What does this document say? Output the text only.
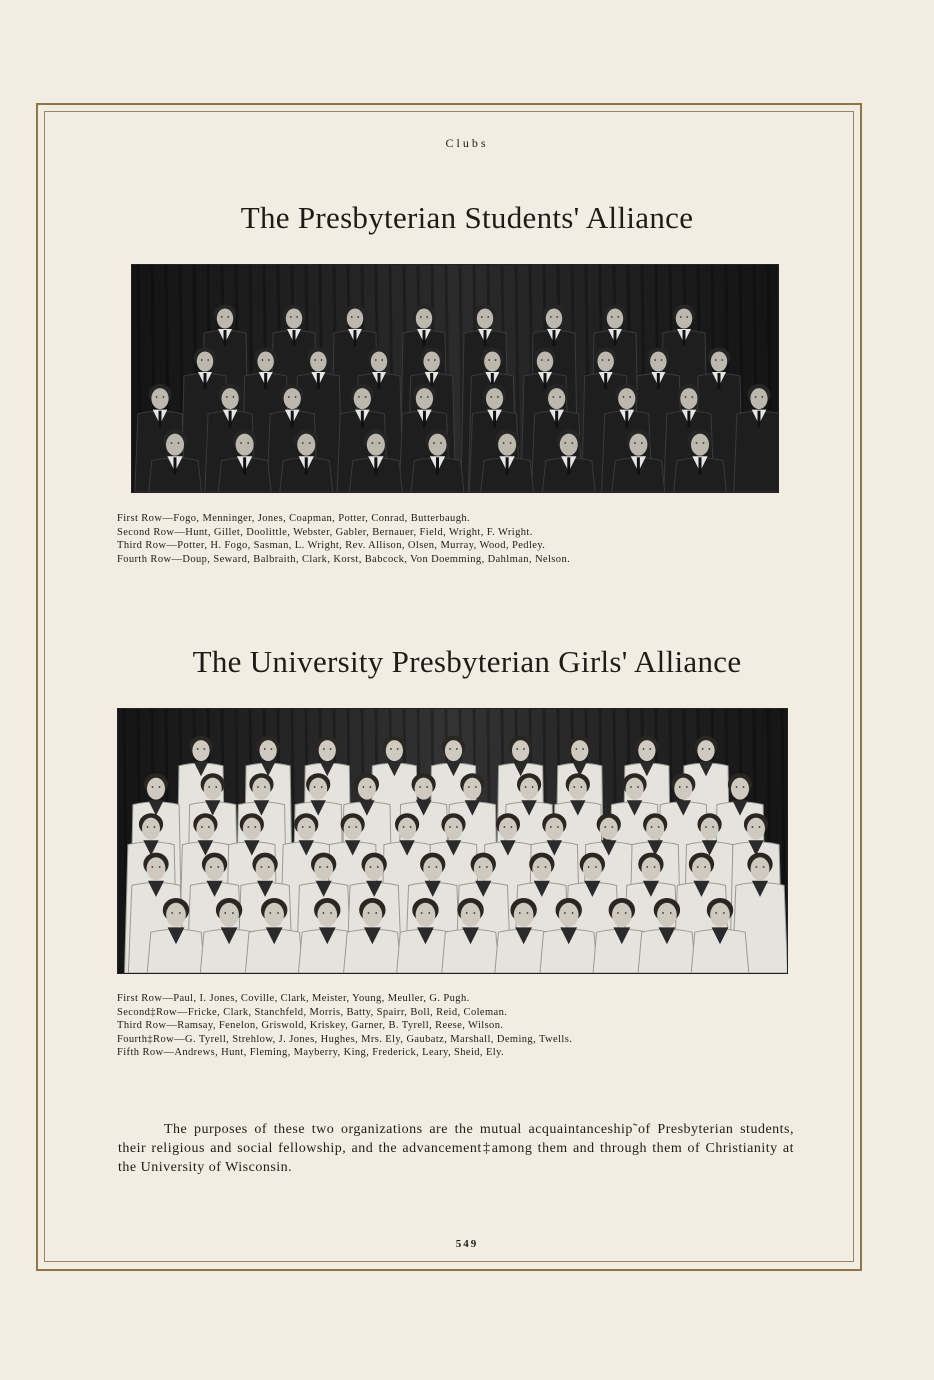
Clubs
The Presbyterian Students' Alliance
First Row—Fogo, Menninger, Jones, Coapman, Potter, Conrad, Butterbaugh.
Second Row—Hunt, Gillet, Doolittle, Webster, Gabler, Bernauer, Field, Wright, F. Wright.
Third Row—Potter, H. Fogo, Sasman, L. Wright, Rev. Allison, Olsen, Murray, Wood, Pedley.
Fourth Row—Doup, Seward, Balbraith, Clark, Korst, Babcock, Von Doemming, Dahlman, Nelson.
The University Presbyterian Girls' Alliance
First Row—Paul, I. Jones, Coville, Clark, Meister, Young, Meuller, G. Pugh.
Second‡Row—Fricke, Clark, Stanchfeld, Morris, Batty, Spairr, Boll, Reid, Coleman.
Third Row—Ramsay, Fenelon, Griswold, Kriskey, Garner, B. Tyrell, Reese, Wilson.
Fourth‡Row—G. Tyrell, Strehlow, J. Jones, Hughes, Mrs. Ely, Gaubatz, Marshall, Deming, Twells.
Fifth Row—Andrews, Hunt, Fleming, Mayberry, King, Frederick, Leary, Sheid, Ely.
The purposes of these two organizations are the mutual acquaintanceship˜of Presbyterian students, their religious and social fellowship, and the advancement‡among them and through them of Christianity at the University of Wisconsin.
549
